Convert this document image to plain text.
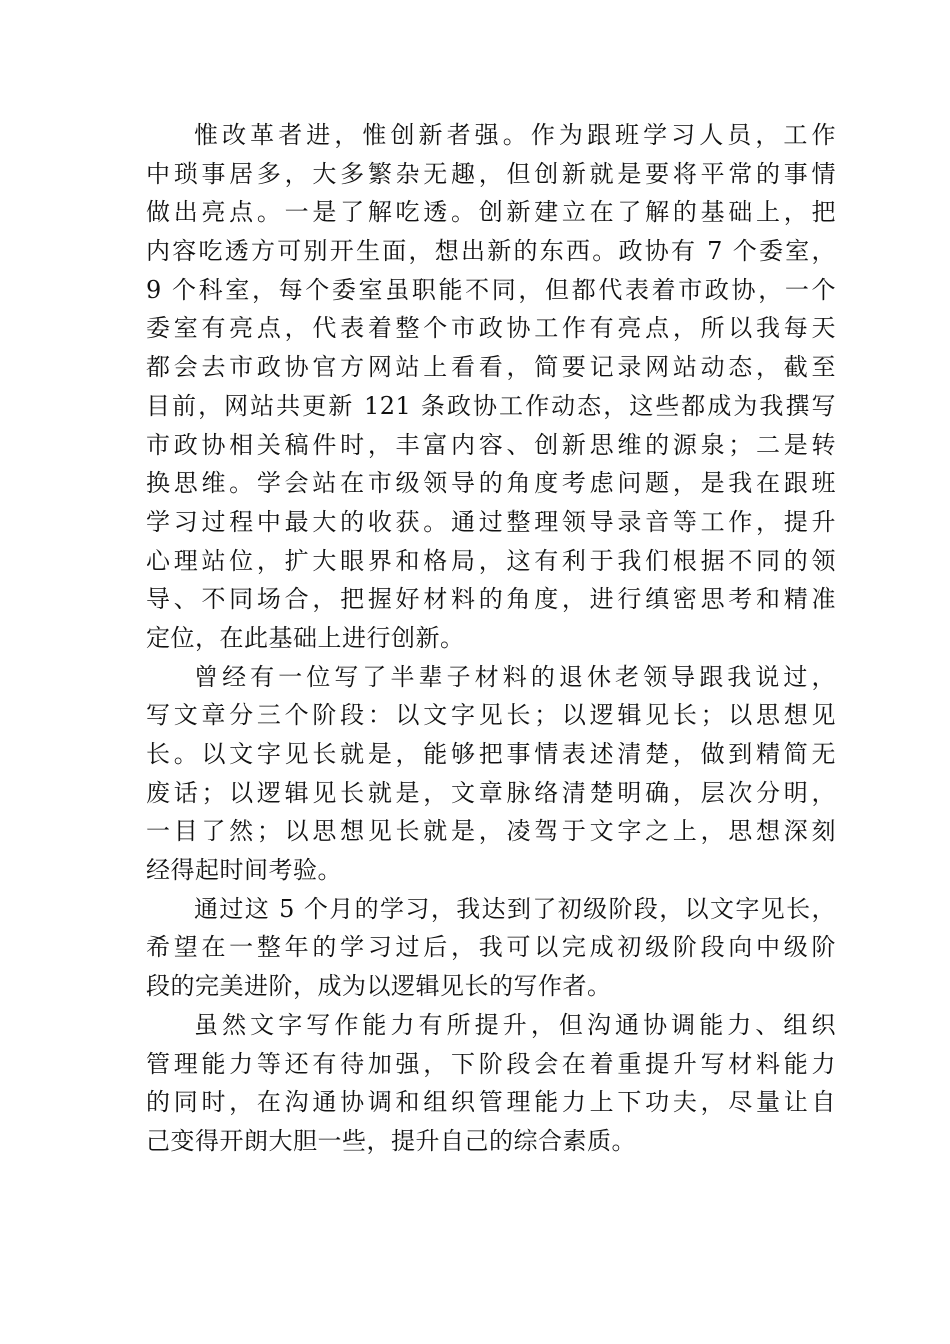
惟改革者进，惟创新者强。作为跟班学习人员，工作
中琐事居多，大多繁杂无趣，但创新就是要将平常的事情
做出亮点。一是了解吃透。创新建立在了解的基础上，把
内容吃透方可别开生面，想出新的东西。政协有 7 个委室，
9 个科室，每个委室虽职能不同，但都代表着市政协，一个
委室有亮点，代表着整个市政协工作有亮点，所以我每天
都会去市政协官方网站上看看，简要记录网站动态，截至
目前，网站共更新 121 条政协工作动态，这些都成为我撰写
市政协相关稿件时，丰富内容、创新思维的源泉；二是转
换思维。学会站在市级领导的角度考虑问题，是我在跟班
学习过程中最大的收获。通过整理领导录音等工作，提升
心理站位，扩大眼界和格局，这有利于我们根据不同的领
导、不同场合，把握好材料的角度，进行缜密思考和精准
定位，在此基础上进行创新。
曾经有一位写了半辈子材料的退休老领导跟我说过，
写文章分三个阶段：以文字见长；以逻辑见长；以思想见
长。以文字见长就是，能够把事情表述清楚，做到精简无
废话；以逻辑见长就是，文章脉络清楚明确，层次分明，
一目了然；以思想见长就是，凌驾于文字之上，思想深刻
经得起时间考验。
通过这 5 个月的学习，我达到了初级阶段，以文字见长，
希望在一整年的学习过后，我可以完成初级阶段向中级阶
段的完美进阶，成为以逻辑见长的写作者。
虽然文字写作能力有所提升，但沟通协调能力、组织
管理能力等还有待加强，下阶段会在着重提升写材料能力
的同时，在沟通协调和组织管理能力上下功夫，尽量让自
己变得开朗大胆一些，提升自己的综合素质。
